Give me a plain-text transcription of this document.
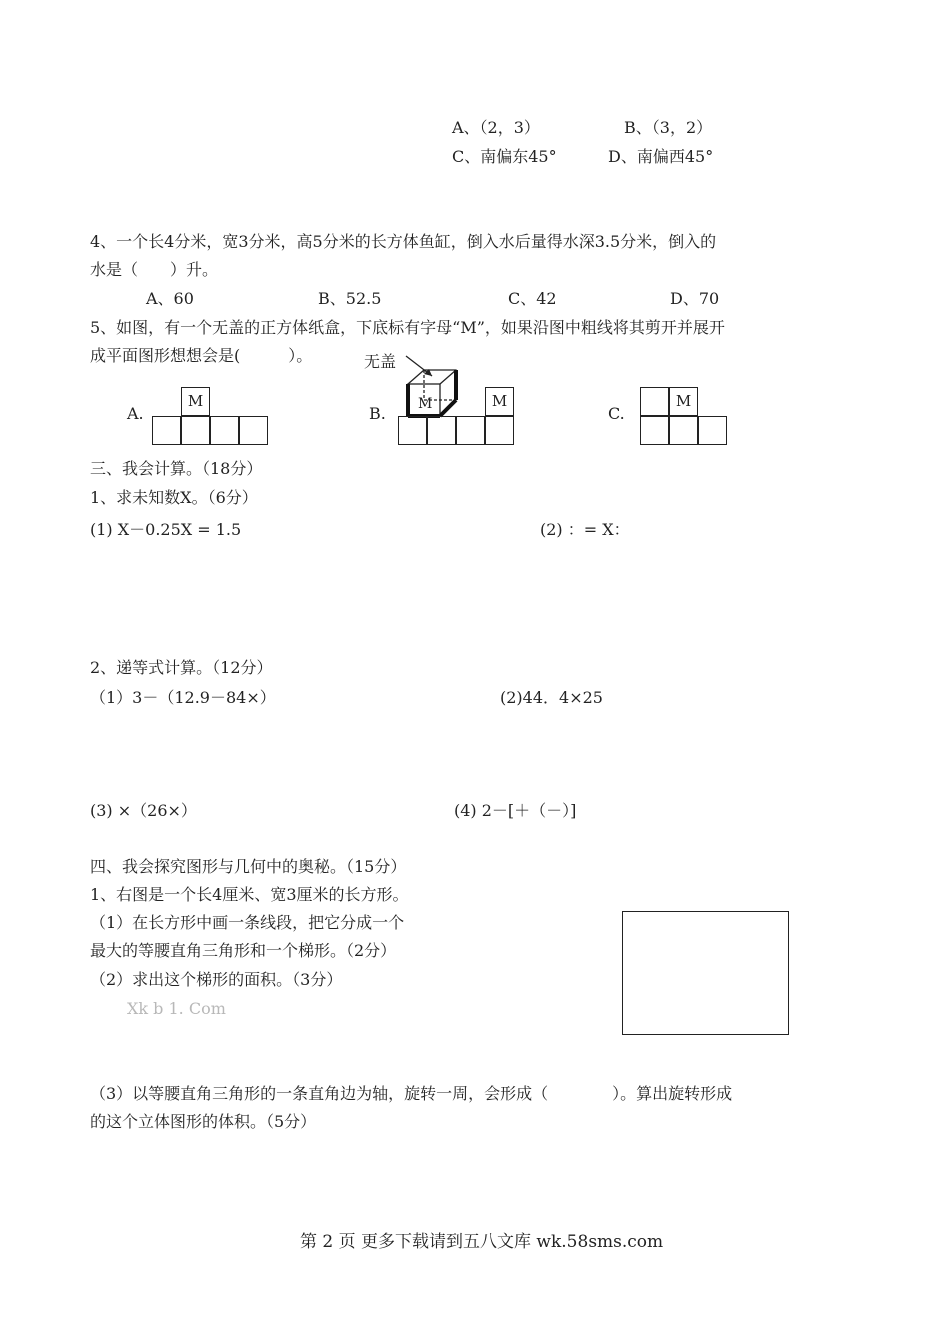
A、（2，3）	B、（3，2）
C、南偏东45°	D、南偏西45°
4、一个长4分米，宽3分米，高5分米的长方体鱼缸，倒入水后量得水深3.5分米，倒入的
水是（　　）升。
A、60	B、52.5	C、42	D、70
5、如图，有一个无盖的正方体纸盒，下底标有字母“M”，如果沿图中粗线将其剪开并展开
成平面图形想想会是(　　　）。	无盖
M
A.
M
B.
M
C.
M
三、我会计算。（18分）
1、求未知数X。（6分）
(1) X－0.25X = 1.5	(2) ：= X：
2、递等式计算。（12分）
（1）3－（12.9－84×）	(2)44．4×25
(3) ×（26×）	(4) 2－[＋（－）]
四、我会探究图形与几何中的奥秘。（15分）
1、右图是一个长4厘米、宽3厘米的长方形。
（1）在长方形中画一条线段，把它分成一个
最大的等腰直角三角形和一个梯形。（2分）
（2）求出这个梯形的面积。（3分）
Xk b 1. Com
（3）以等腰直角三角形的一条直角边为轴，旋转一周，会形成（　　　　）。算出旋转形成
的这个立体图形的体积。（5分）
第 2 页 更多下载请到五八文库 wk.58sms.com
